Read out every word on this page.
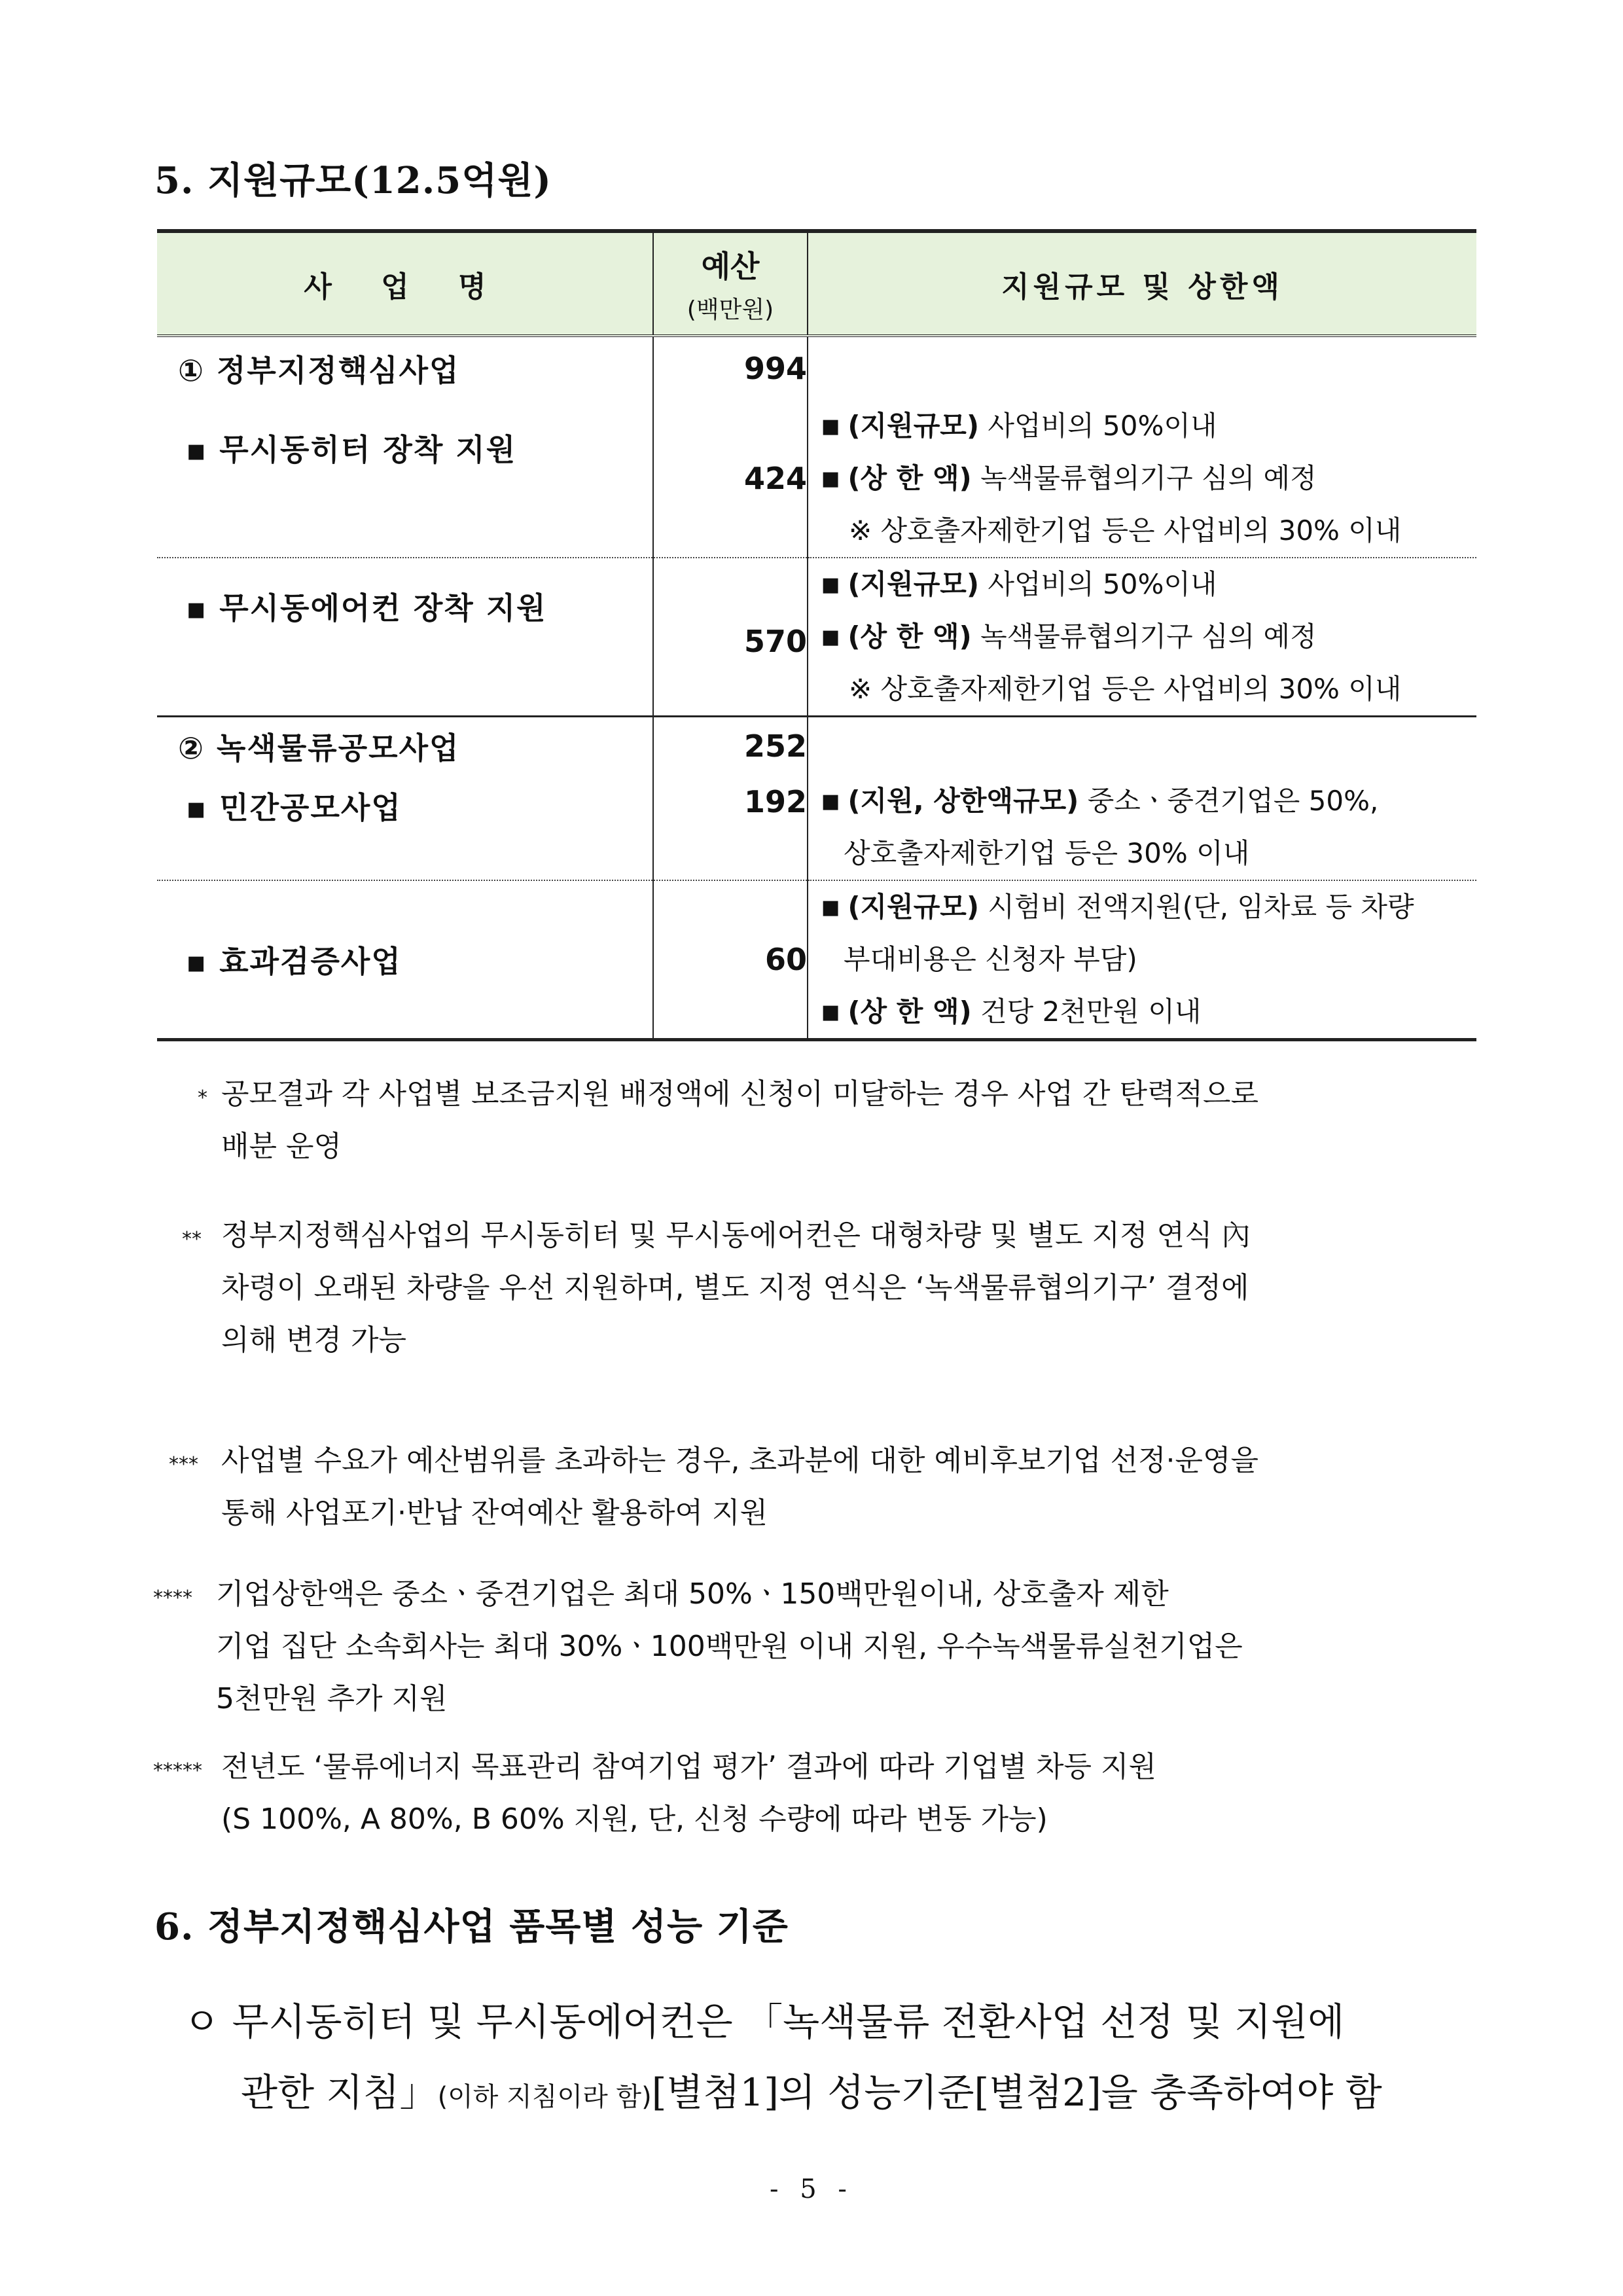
5. 지원규모(12.5억원)
사 업 명	예산
(백만원)	지원규모 및 상한액
① 정부지정핵심사업	994	
▪ 무시동히터 장착 지원	424	■ (지원규모) 사업비의 50%이내
■ (상 한 액) 녹색물류협의기구 심의 예정
※ 상호출자제한기업 등은 사업비의 30% 이내

▪ 무시동에어컨 장착 지원	570	■ (지원규모) 사업비의 50%이내
■ (상 한 액) 녹색물류협의기구 심의 예정
※ 상호출자제한기업 등은 사업비의 30% 이내

② 녹색물류공모사업	252	
▪ 민간공모사업	192	■ (지원, 상한액규모) 중소ㆍ중견기업은 50%,
상호출자제한기업 등은 30% 이내

▪ 효과검증사업	60	■ (지원규모) 시험비 전액지원(단, 임차료 등 차량
부대비용은 신청자 부담)
■ (상 한 액) 건당 2천만원 이내
* 공모결과 각 사업별 보조금지원 배정액에 신청이 미달하는 경우 사업 간 탄력적으로
배분 운영
** 정부지정핵심사업의 무시동히터 및 무시동에어컨은 대형차량 및 별도 지정 연식 內
차령이 오래된 차량을 우선 지원하며, 별도 지정 연식은 ‘녹색물류협의기구’ 결정에
의해 변경 가능
*** 사업별 수요가 예산범위를 초과하는 경우, 초과분에 대한 예비후보기업 선정·운영을
통해 사업포기·반납 잔여예산 활용하여 지원
**** 기업상한액은 중소ㆍ중견기업은 최대 50%ㆍ150백만원이내, 상호출자 제한
기업 집단 소속회사는 최대 30%ㆍ100백만원 이내 지원, 우수녹색물류실천기업은
5천만원 추가 지원
***** 전년도 ‘물류에너지 목표관리 참여기업 평가’ 결과에 따라 기업별 차등 지원
(S 100%, A 80%, B 60% 지원, 단, 신청 수량에 따라 변동 가능)
6. 정부지정핵심사업 품목별 성능 기준
ㅇ 무시동히터 및 무시동에어컨은 「녹색물류 전환사업 선정 및 지원에
관한 지침」(이하 지침이라 함)[별첨1]의 성능기준[별첨2]을 충족하여야 함
- 5 -
